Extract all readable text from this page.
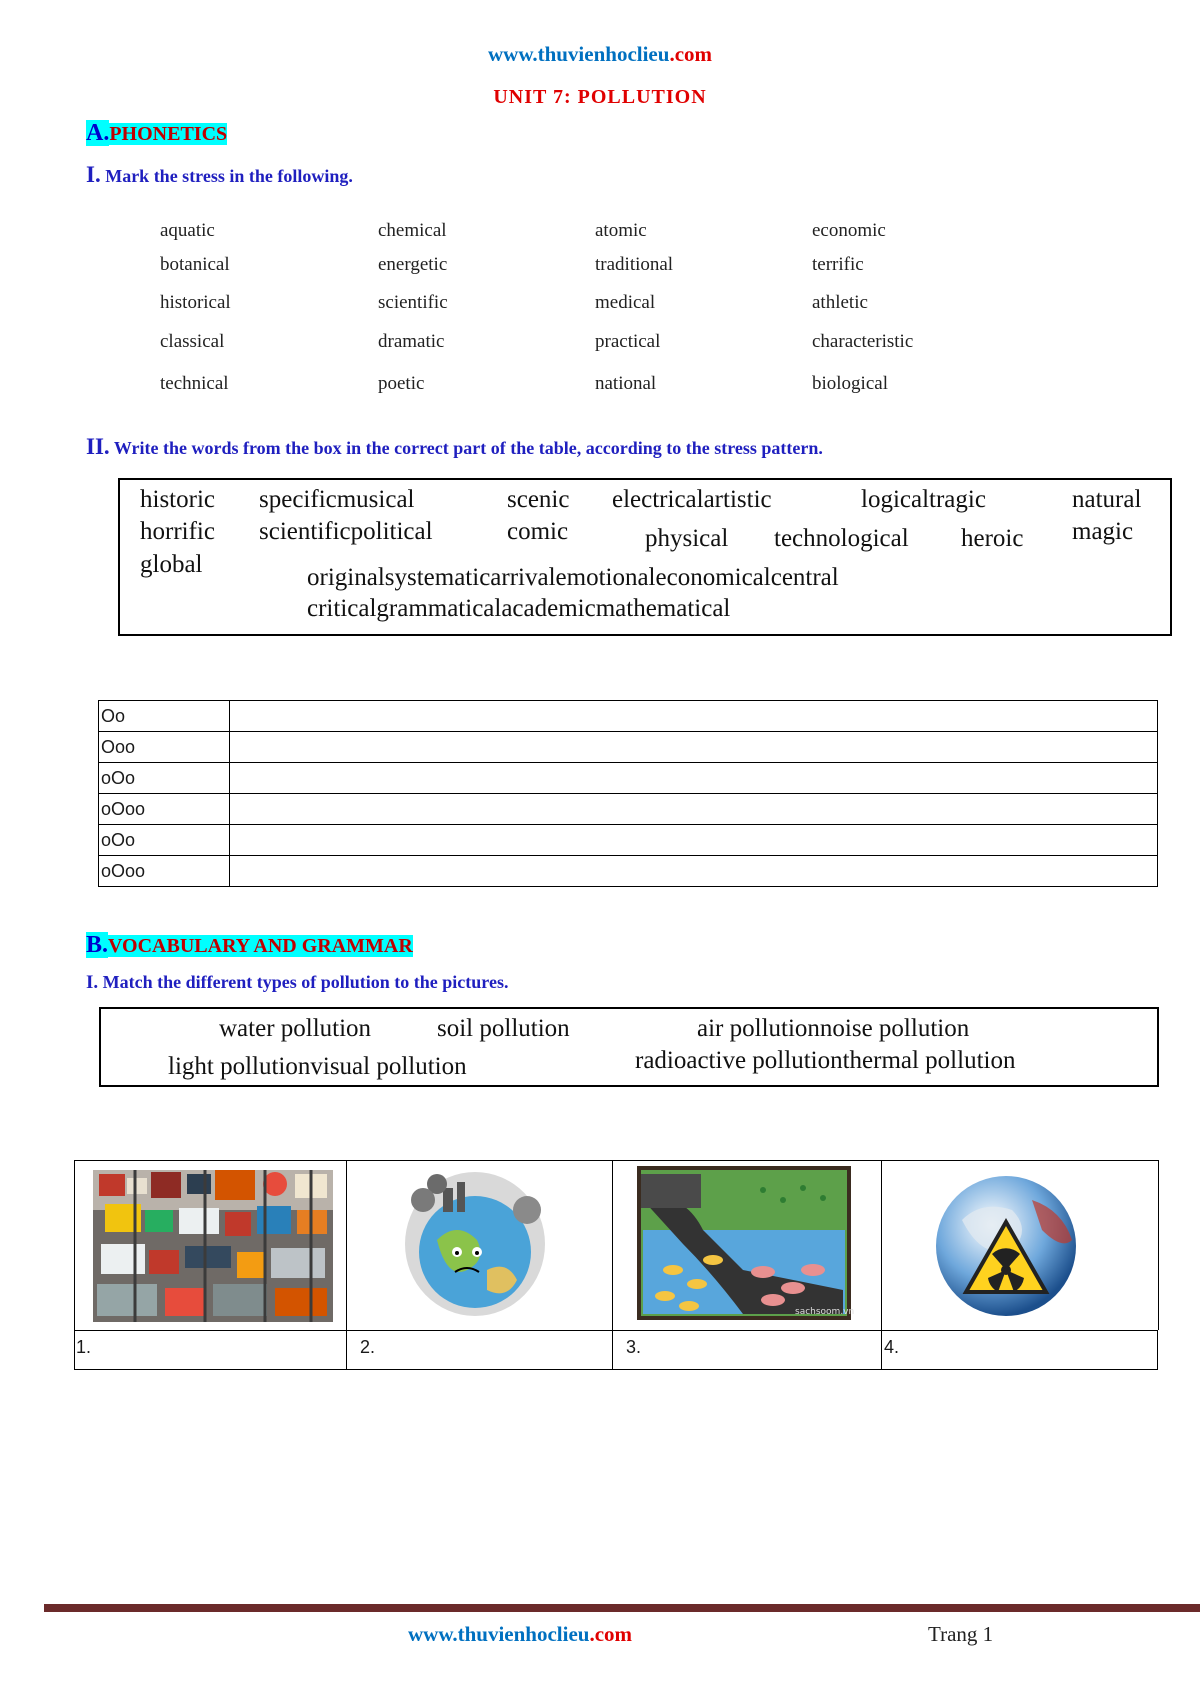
www.thuvienhoclieu.com
UNIT 7: POLLUTION
A.PHONETICS
I. Mark the stress in the following.
aquatic	chemical	atomic	economic
botanical	energetic	traditional	terrific
historical	scientific	medical	athletic
classical	dramatic	practical	characteristic
technical	poetic	national	biological
II. Write the words from the box in the correct part of the table, according to the stress pattern.
historic specificmusical	scenic electricalartistic	logicaltragic	natural
horrific scientificpolitical	comic	physical technological heroic magic
global	originalsystematicarrivalemotionaleconomicalcentral
criticalgrammaticalacademicmathematical
Oo	
Ooo	
oOo	
oOoo	
oOo	
oOoo	
B.VOCABULARY AND GRAMMAR
I. Match the different types of pollution to the pictures.
water pollution	soil pollution	air pollutionnoise pollution
light pollutionvisual pollution	radioactive pollutionthermal pollution
sachsoom.vn
1.	2.	3.	4.
www.thuvienhoclieu.com	Trang 1
